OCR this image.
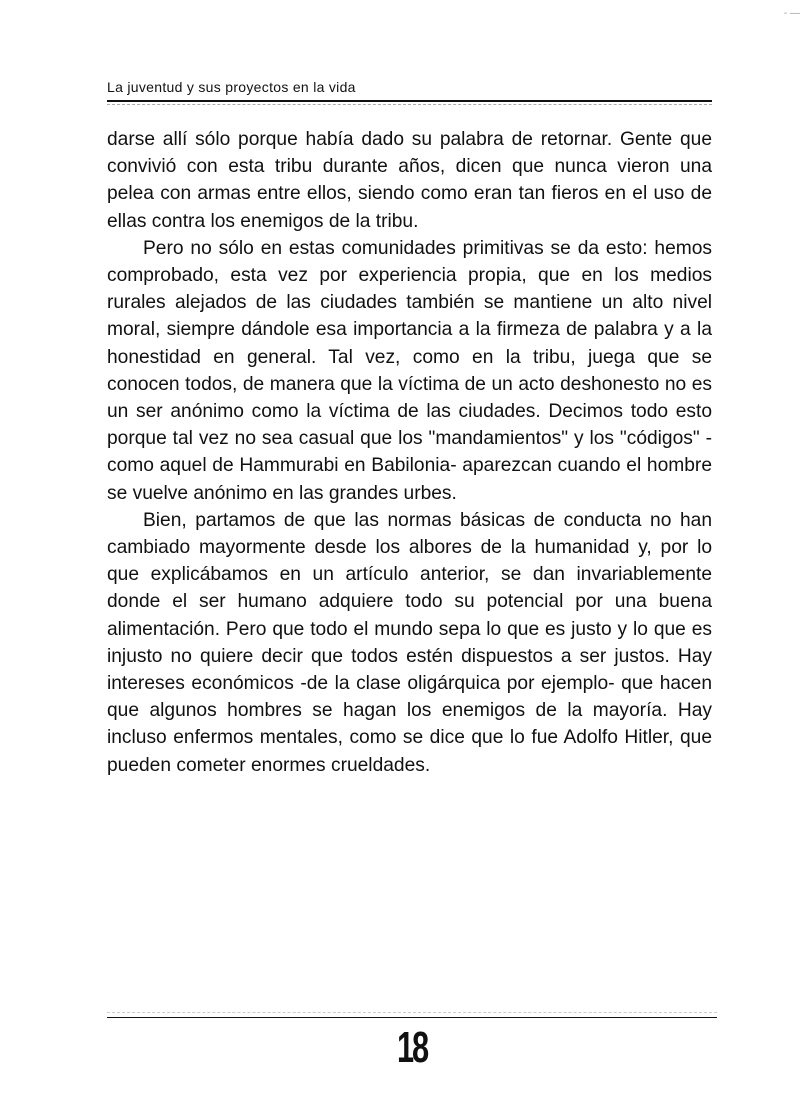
- —
La juventud y sus proyectos en la vida

darse allí sólo porque había dado su palabra de retornar. Gente que convivió con esta tribu durante años, dicen que nunca vieron una pelea con armas entre ellos, siendo como eran tan fieros en el uso de ellas contra los enemigos de la tribu.

Pero no sólo en estas comunidades primitivas se da esto: hemos comprobado, esta vez por experiencia propia, que en los medios rurales alejados de las ciudades también se mantiene un alto nivel moral, siempre dándole esa importancia a la firmeza de palabra y a la honestidad en general. Tal vez, como en la tribu, juega que se conocen todos, de manera que la víctima de un acto deshonesto no es un ser anónimo como la víctima de las ciudades. Decimos todo esto porque tal vez no sea casual que los "mandamientos" y los "códigos" -como aquel de Hammurabi en Babilonia- aparezcan cuando el hombre se vuelve anónimo en las grandes urbes.

Bien, partamos de que las normas básicas de conducta no han cambiado mayormente desde los albores de la humanidad y, por lo que explicábamos en un artículo anterior, se dan invariablemente donde el ser humano adquiere todo su potencial por una buena alimentación. Pero que todo el mundo sepa lo que es justo y lo que es injusto no quiere decir que todos estén dispuestos a ser justos. Hay intereses económicos -de la clase oligárquica por ejemplo- que hacen que algunos hombres se hagan los enemigos de la mayoría. Hay incluso enfermos mentales, como se dice que lo fue Adolfo Hitler, que pueden cometer enormes crueldades.

18
